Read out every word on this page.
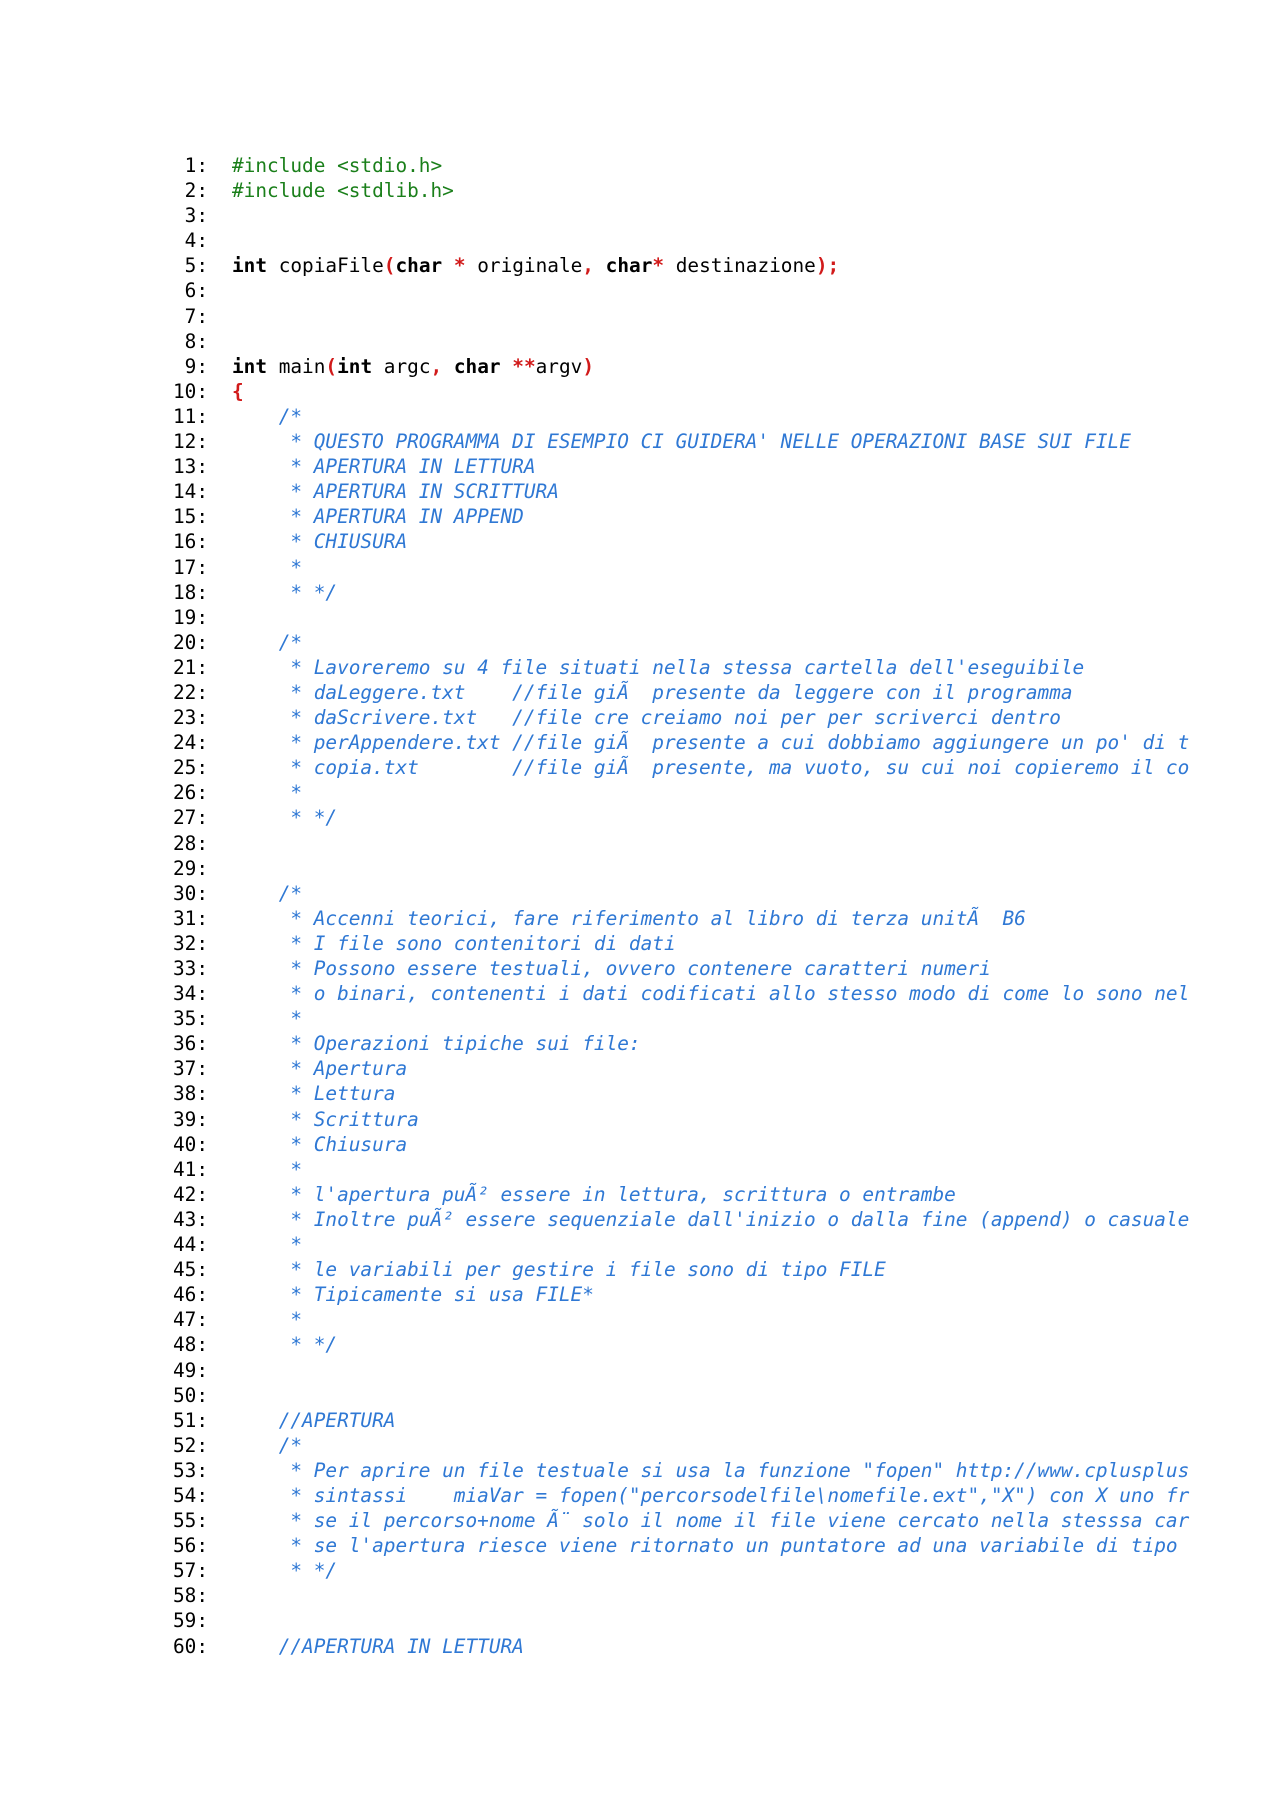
1: #include <stdio.h>
2: #include <stdlib.h>
3:
4:
5: int copiaFile(char * originale, char* destinazione);
6:
7:
8:
9: int main(int argc, char **argv)
10: {
11:    /*
12:     * QUESTO PROGRAMMA DI ESEMPIO CI GUIDERA' NELLE OPERAZIONI BASE SUI FILE
13:     * APERTURA IN LETTURA
14:     * APERTURA IN SCRITTURA
15:     * APERTURA IN APPEND
16:     * CHIUSURA
17:     *
18:     * */
19:
20:    /*
21:     * Lavoreremo su 4 file situati nella stessa cartella dell'eseguibile
22:     * daLeggere.txt    //file giÃ  presente da leggere con il programma
23:     * daScrivere.txt   //file cre creiamo noi per per scriverci dentro
24:     * perAppendere.txt //file giÃ  presente a cui dobbiamo aggiungere un po' di t
25:     * copia.txt        //file giÃ  presente, ma vuoto, su cui noi copieremo il co
26:     *
27:     * */
28:
29:
30:    /*
31:     * Accenni teorici, fare riferimento al libro di terza unitÃ  B6
32:     * I file sono contenitori di dati
33:     * Possono essere testuali, ovvero contenere caratteri numeri
34:     * o binari, contenenti i dati codificati allo stesso modo di come lo sono nel
35:     *
36:     * Operazioni tipiche sui file:
37:     * Apertura
38:     * Lettura
39:     * Scrittura
40:     * Chiusura
41:     *
42:     * l'apertura puÃ² essere in lettura, scrittura o entrambe
43:     * Inoltre puÃ² essere sequenziale dall'inizio o dalla fine (append) o casuale
44:     *
45:     * le variabili per gestire i file sono di tipo FILE
46:     * Tipicamente si usa FILE*
47:     *
48:     * */
49:
50:
51:    //APERTURA
52:    /*
53:     * Per aprire un file testuale si usa la funzione "fopen" http://www.cplusplus
54:     * sintassi    miaVar = fopen("percorsodelfile\nomefile.ext","X") con X uno fr
55:     * se il percorso+nome Ã¨ solo il nome il file viene cercato nella stesssa car
56:     * se l'apertura riesce viene ritornato un puntatore ad una variabile di tipo
57:     * */
58:
59:
60:    //APERTURA IN LETTURA
